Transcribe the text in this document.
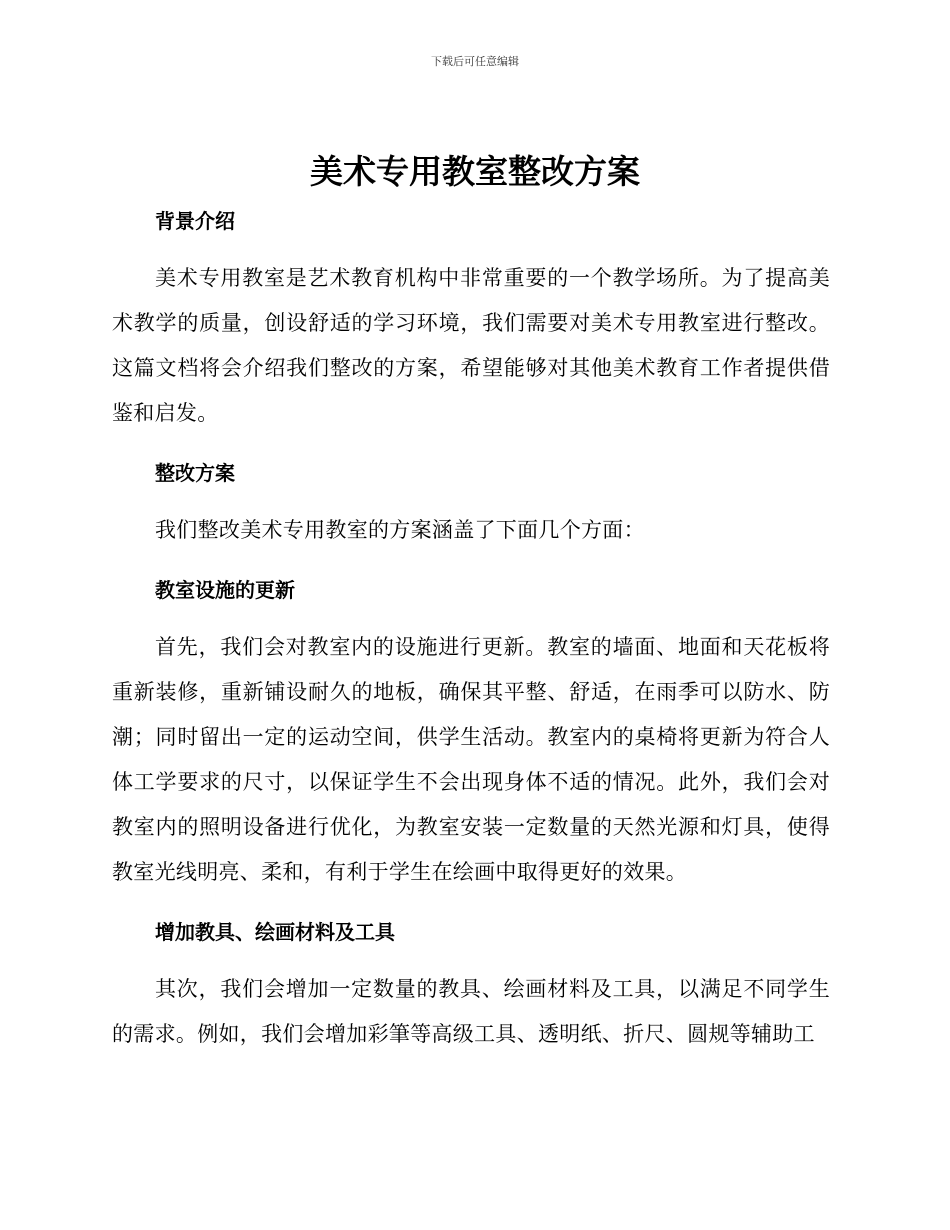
下载后可任意编辑
美术专用教室整改方案
背景介绍

美术专用教室是艺术教育机构中非常重要的一个教学场所。为了提高美术教学的质量，创设舒适的学习环境，我们需要对美术专用教室进行整改。这篇文档将会介绍我们整改的方案，希望能够对其他美术教育工作者提供借鉴和启发。

整改方案

我们整改美术专用教室的方案涵盖了下面几个方面：

教室设施的更新

首先，我们会对教室内的设施进行更新。教室的墙面、地面和天花板将重新装修，重新铺设耐久的地板，确保其平整、舒适，在雨季可以防水、防潮；同时留出一定的运动空间，供学生活动。教室内的桌椅将更新为符合人体工学要求的尺寸，以保证学生不会出现身体不适的情况。此外，我们会对教室内的照明设备进行优化，为教室安装一定数量的天然光源和灯具，使得教室光线明亮、柔和，有利于学生在绘画中取得更好的效果。

增加教具、绘画材料及工具

其次，我们会增加一定数量的教具、绘画材料及工具，以满足不同学生的需求。例如，我们会增加彩筆等高级工具、透明纸、折尺、圆规等辅助工
